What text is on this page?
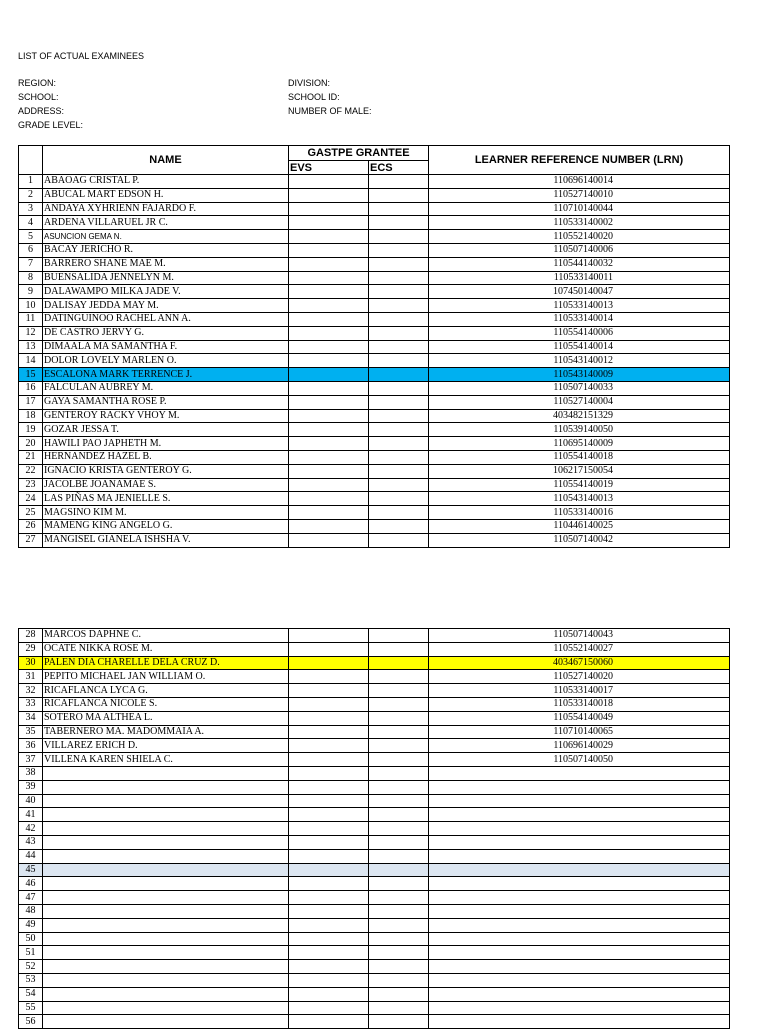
LIST OF ACTUAL EXAMINEES
REGION:
SCHOOL:
ADDRESS:
GRADE LEVEL:
DIVISION:
SCHOOL ID:
NUMBER OF MALE:
	NAME	GASTPE GRANTEE		LEARNER REFERENCE NUMBER (LRN)
		EVS	ECS	
1	ABAOAG CRISTAL P.			110696140014
2	ABUCAL MART EDSON H.			110527140010
3	ANDAYA XYHRIENN FAJARDO F.			110710140044
4	ARDENA VILLARUEL JR C.			110533140002
5	ASUNCION GEMA N.			110552140020
6	BACAY JERICHO R.			110507140006
7	BARRERO SHANE MAE M.			110544140032
8	BUENSALIDA JENNELYN M.			110533140011
9	DALAWAMPO MILKA JADE V.			107450140047
10	DALISAY JEDDA MAY M.			110533140013
11	DATINGUINOO RACHEL ANN A.			110533140014
12	DE CASTRO JERVY G.			110554140006
13	DIMAALA MA SAMANTHA F.			110554140014
14	DOLOR LOVELY MARLEN O.			110543140012
15	ESCALONA MARK TERRENCE J.			110543140009
16	FALCULAN AUBREY M.			110507140033
17	GAYA SAMANTHA ROSE P.			110527140004
18	GENTEROY RACKY VHOY M.			403482151329
19	GOZAR JESSA T.			110539140050
20	HAWILI PAO JAPHETH M.			110695140009
21	HERNANDEZ HAZEL B.			110554140018
22	IGNACIO KRISTA GENTEROY G.			106217150054
23	JACOLBE JOANAMAE S.			110554140019
24	LAS PIÑAS MA JENIELLE S.			110543140013
25	MAGSINO KIM M.			110533140016
26	MAMENG KING ANGELO G.			110446140025
27	MANGISEL GIANELA ISHSHA V.			110507140042
28	MARCOS DAPHNE C.			110507140043
29	OCATE NIKKA ROSE M.			110552140027
30	PALEN DIA CHARELLE DELA CRUZ D.			403467150060
31	PEPITO MICHAEL JAN WILLIAM O.			110527140020
32	RICAFLANCA LYCA G.			110533140017
33	RICAFLANCA NICOLE S.			110533140018
34	SOTERO MA ALTHEA L.			110554140049
35	TABERNERO MA. MADOMMAIA A.			110710140065
36	VILLAREZ ERICH D.			110696140029
37	VILLENA KAREN SHIELA C.			110507140050
38				
39				
40				
41				
42				
43				
44				
45				
46				
47				
48				
49				
50				
51				
52				
53				
54				
55				
56				
